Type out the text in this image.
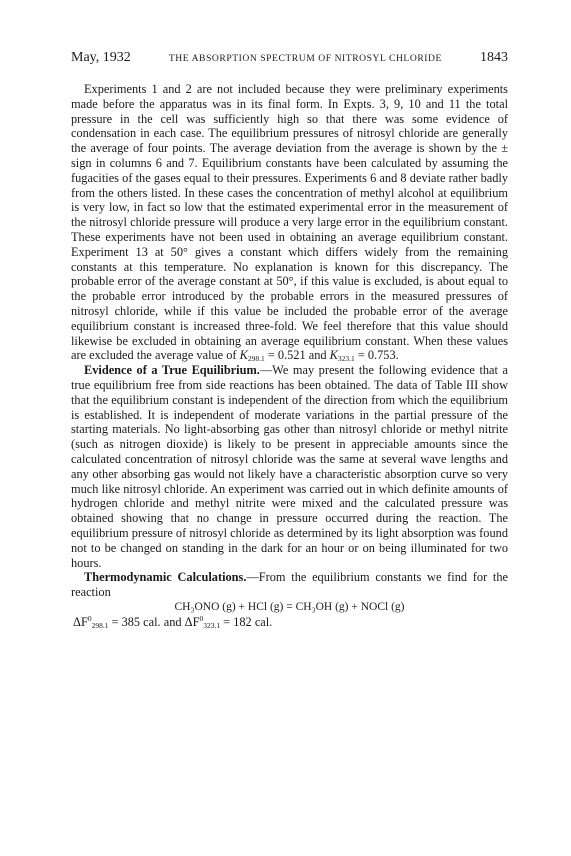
May, 1932	THE ABSORPTION SPECTRUM OF NITROSYL CHLORIDE	1843

Experiments 1 and 2 are not included because they were preliminary experiments made before the apparatus was in its final form. In Expts. 3, 9, 10 and 11 the total pressure in the cell was sufficiently high so that there was some evidence of condensation in each case. The equilibrium pressures of nitrosyl chloride are generally the average of four points. The average deviation from the average is shown by the ± sign in columns 6 and 7. Equilibrium constants have been calculated by assuming the fugacities of the gases equal to their pressures. Experiments 6 and 8 deviate rather badly from the others listed. In these cases the concentration of methyl alcohol at equilibrium is very low, in fact so low that the estimated experimental error in the measurement of the nitrosyl chloride pressure will produce a very large error in the equilibrium constant. These experiments have not been used in obtaining an average equilibrium constant. Experiment 13 at 50° gives a constant which differs widely from the remaining constants at this temperature. No explanation is known for this discrepancy. The probable error of the average constant at 50°, if this value is excluded, is about equal to the probable error introduced by the probable errors in the measured pressures of nitrosyl chloride, while if this value be included the probable error of the average equilibrium constant is increased three-fold. We feel therefore that this value should likewise be excluded in obtaining an average equilibrium constant. When these values are excluded the average value of $K_{298.1} = 0.521$ and $K_{323.1} = 0.753$.

Evidence of a True Equilibrium.—We may present the following evidence that a true equilibrium free from side reactions has been obtained. The data of Table III show that the equilibrium constant is independent of the direction from which the equilibrium is established. It is independent of moderate variations in the partial pressure of the starting materials. No light-absorbing gas other than nitrosyl chloride or methyl nitrite (such as nitrogen dioxide) is likely to be present in appreciable amounts since the calculated concentration of nitrosyl chloride was the same at several wave lengths and any other absorbing gas would not likely have a characteristic absorption curve so very much like nitrosyl chloride. An experiment was carried out in which definite amounts of hydrogen chloride and methyl nitrite were mixed and the calculated pressure was obtained showing that no change in pressure occurred during the reaction. The equilibrium pressure of nitrosyl chloride as determined by its light absorption was found not to be changed on standing in the dark for an hour or on being illuminated for two hours.

Thermodynamic Calculations.—From the equilibrium constants we find for the reaction

CH₃ONO (g) + HCl (g) = CH₃OH (g) + NOCl (g)
$\Delta F^0_{298.1} = 385$ cal. and $\Delta F^0_{323.1} = 182$ cal.
